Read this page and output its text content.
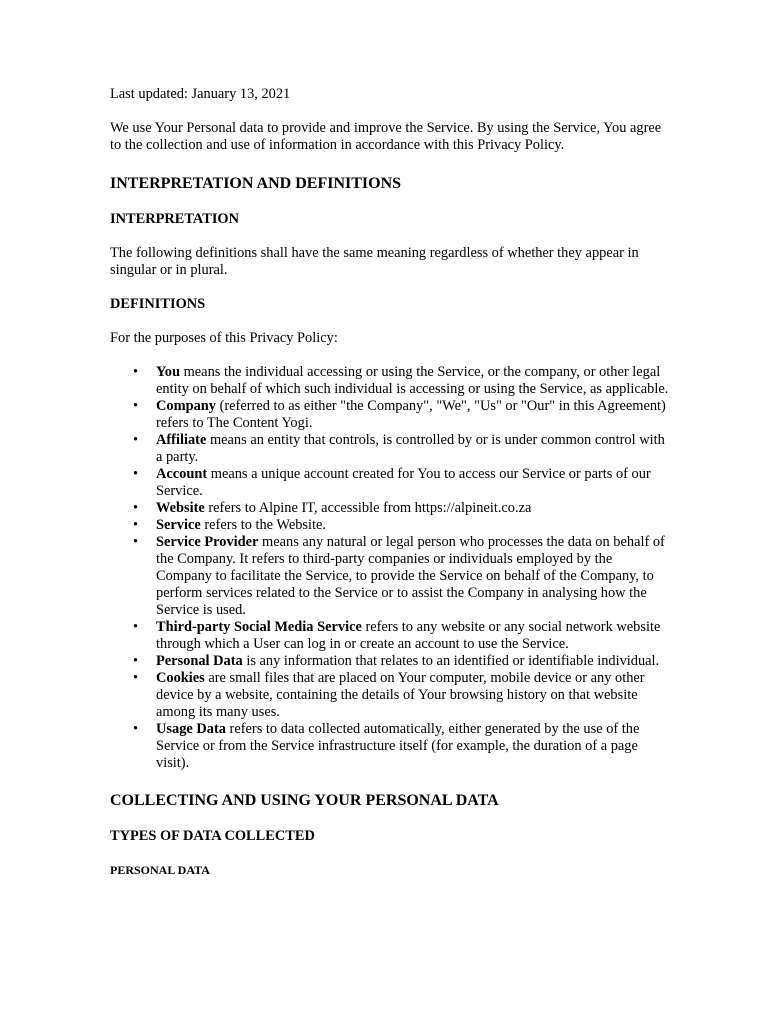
Last updated: January 13, 2021

We use Your Personal data to provide and improve the Service. By using the Service, You agree to the collection and use of information in accordance with this Privacy Policy.

INTERPRETATION AND DEFINITIONS
INTERPRETATION

The following definitions shall have the same meaning regardless of whether they appear in singular or in plural.

DEFINITIONS

For the purposes of this Privacy Policy:

• You means the individual accessing or using the Service, or the company, or other legal entity on behalf of which such individual is accessing or using the Service, as applicable.
• Company (referred to as either "the Company", "We", "Us" or "Our" in this Agreement) refers to The Content Yogi.
• Affiliate means an entity that controls, is controlled by or is under common control with a party.
• Account means a unique account created for You to access our Service or parts of our Service.
• Website refers to Alpine IT, accessible from https://alpineit.co.za
• Service refers to the Website.
• Service Provider means any natural or legal person who processes the data on behalf of the Company. It refers to third-party companies or individuals employed by the Company to facilitate the Service, to provide the Service on behalf of the Company, to perform services related to the Service or to assist the Company in analysing how the Service is used.
• Third-party Social Media Service refers to any website or any social network website through which a User can log in or create an account to use the Service.
• Personal Data is any information that relates to an identified or identifiable individual.
• Cookies are small files that are placed on Your computer, mobile device or any other device by a website, containing the details of Your browsing history on that website among its many uses.
• Usage Data refers to data collected automatically, either generated by the use of the Service or from the Service infrastructure itself (for example, the duration of a page visit).
COLLECTING AND USING YOUR PERSONAL DATA
TYPES OF DATA COLLECTED
PERSONAL DATA
